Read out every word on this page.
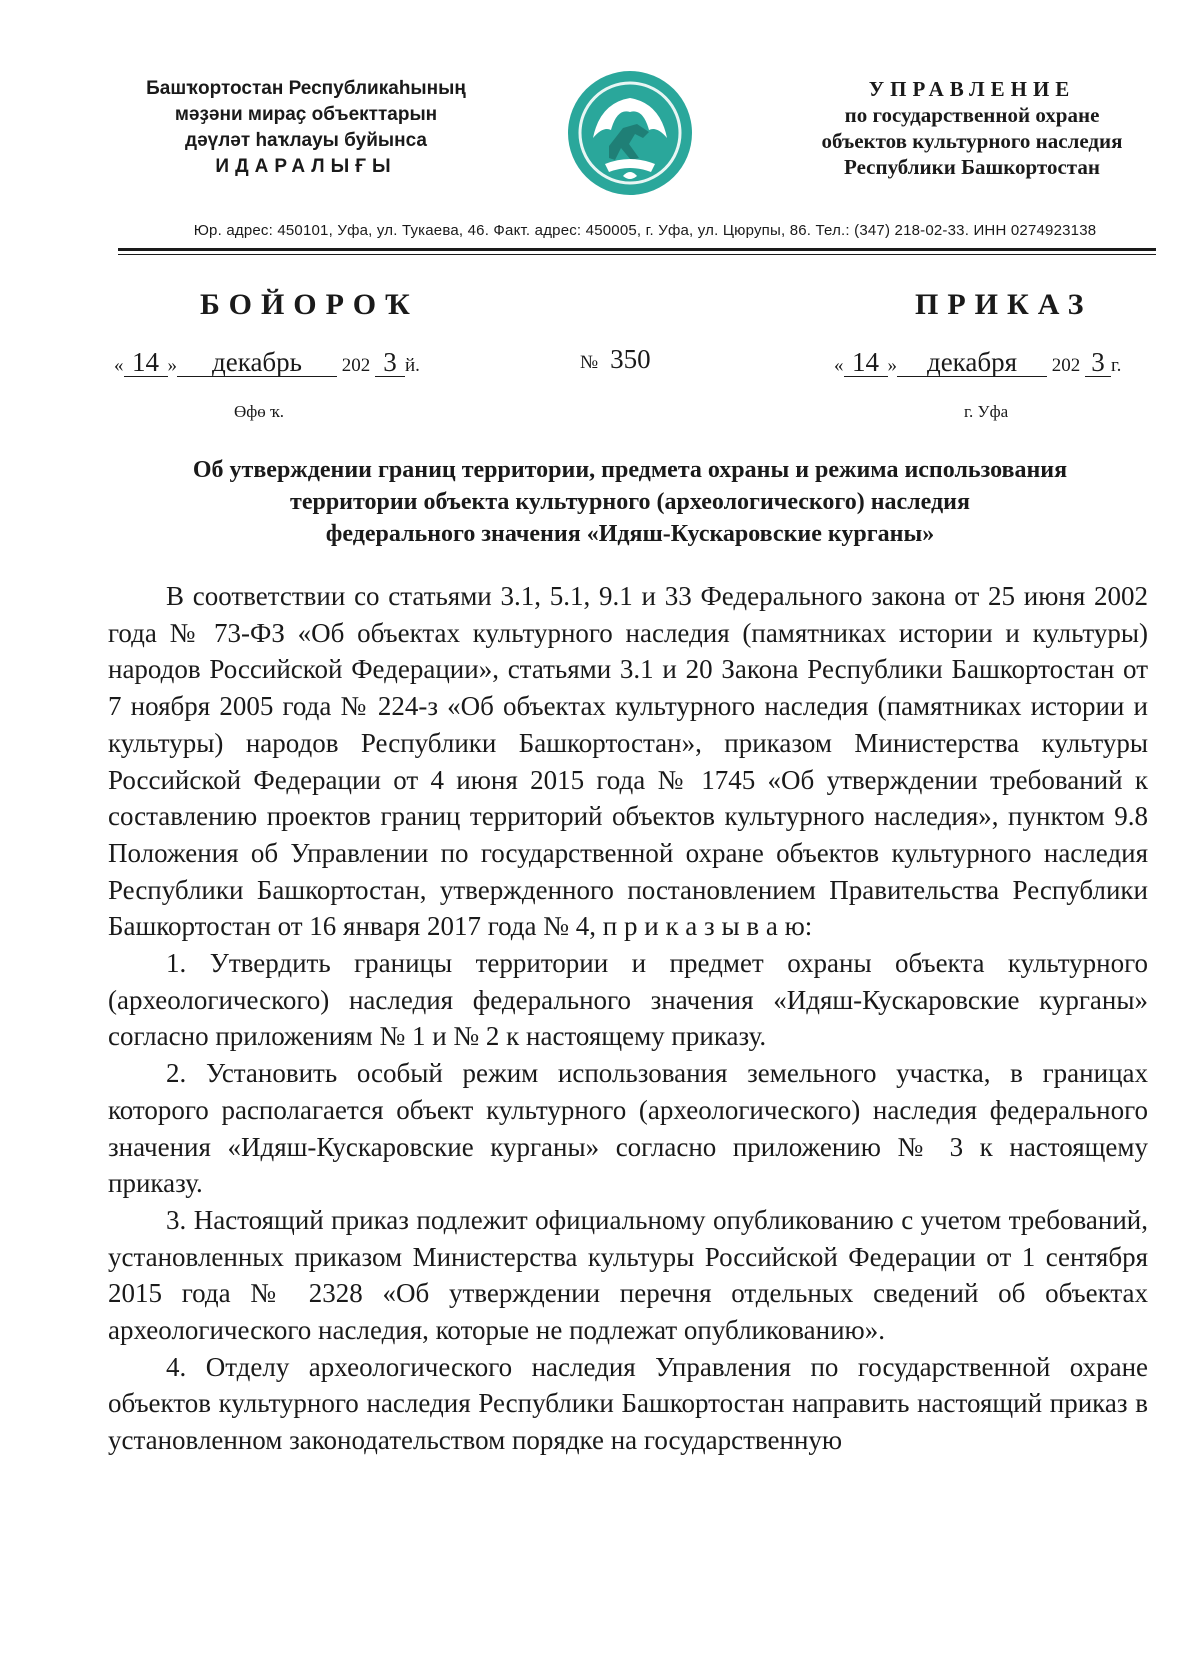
Башҡортостан Республикаһының
мәҙәни мираҫ объекттарын
дәүләт һаҡлауы буйынса
ИДАРАЛЫҒЫ
УПРАВЛЕНИЕ
по государственной охране
объектов культурного наследия
Республики Башкортостан
Юр. адрес: 450101, Уфа, ул. Тукаева, 46. Факт. адрес: 450005, г. Уфа, ул. Цюрупы, 86. Тел.: (347) 218-02-33. ИНН 0274923138
БОЙОРОҠ	ПРИКАЗ
« 14 » декабрь 202 3 й.	№ 350	« 14 » декабря 202 3 г.
Өфө ҡ.	г. Уфа
Об утверждении границ территории, предмета охраны и режима использования
территории объекта культурного (археологического) наследия
федерального значения «Идяш-Кускаровские курганы»

В соответствии со статьями 3.1, 5.1, 9.1 и 33 Федерального закона от 25 июня 2002 года № 73-ФЗ «Об объектах культурного наследия (памятниках истории и культуры) народов Российской Федерации», статьями 3.1 и 20 Закона Республики Башкортостан от 7 ноября 2005 года № 224-з «Об объектах культурного наследия (памятниках истории и культуры) народов Республики Башкортостан», приказом Министерства культуры Российской Федерации от 4 июня 2015 года № 1745 «Об утверждении требований к составлению проектов границ территорий объектов культурного наследия», пунктом 9.8 Положения об Управлении по государственной охране объектов культурного наследия Республики Башкортостан, утвержденного постановлением Правительства Республики Башкортостан от 16 января 2017 года № 4, п р и к а з ы в а ю:

1. Утвердить границы территории и предмет охраны объекта культурного (археологического) наследия федерального значения «Идяш-Кускаровские курганы» согласно приложениям № 1 и № 2 к настоящему приказу.

2. Установить особый режим использования земельного участка, в границах которого располагается объект культурного (археологического) наследия федерального значения «Идяш-Кускаровские курганы» согласно приложению № 3 к настоящему приказу.

3. Настоящий приказ подлежит официальному опубликованию с учетом требований, установленных приказом Министерства культуры Российской Федерации от 1 сентября 2015 года № 2328 «Об утверждении перечня отдельных сведений об объектах археологического наследия, которые не подлежат опубликованию».

4. Отделу археологического наследия Управления по государственной охране объектов культурного наследия Республики Башкортостан направить настоящий приказ в установленном законодательством порядке на государственную
